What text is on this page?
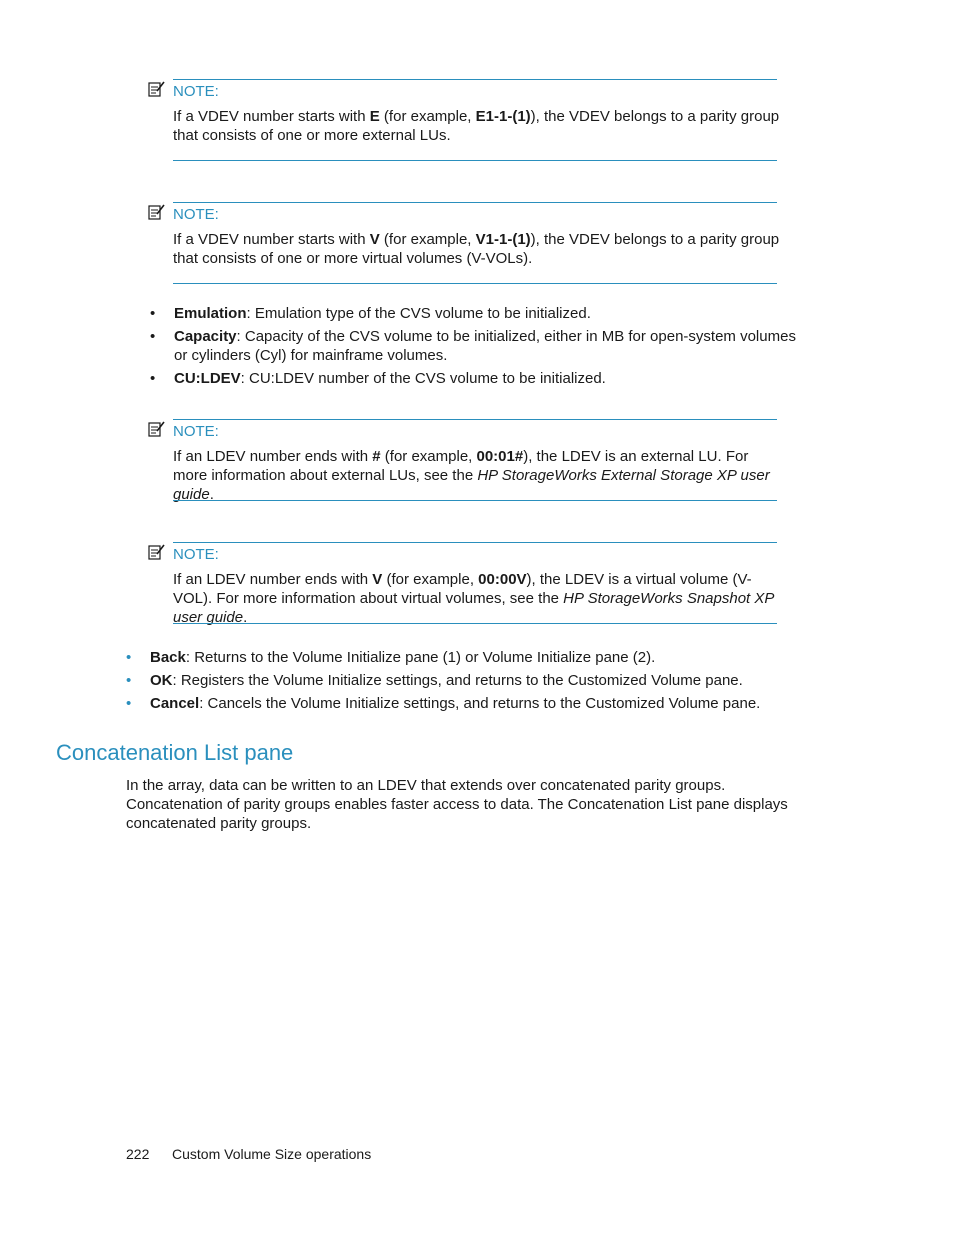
NOTE:
If a VDEV number starts with E (for example, E1-1-(1)), the VDEV belongs to a parity group that consists of one or more external LUs.
NOTE:
If a VDEV number starts with V (for example, V1-1-(1)), the VDEV belongs to a parity group that consists of one or more virtual volumes (V-VOLs).
• Emulation: Emulation type of the CVS volume to be initialized.
• Capacity: Capacity of the CVS volume to be initialized, either in MB for open-system volumes or cylinders (Cyl) for mainframe volumes.
• CU:LDEV: CU:LDEV number of the CVS volume to be initialized.
NOTE:
If an LDEV number ends with # (for example, 00:01#), the LDEV is an external LU. For more information about external LUs, see the HP StorageWorks External Storage XP user guide.
NOTE:
If an LDEV number ends with V (for example, 00:00V), the LDEV is a virtual volume (V-VOL). For more information about virtual volumes, see the HP StorageWorks Snapshot XP user guide.
• Back: Returns to the Volume Initialize pane (1) or Volume Initialize pane (2).
• OK: Registers the Volume Initialize settings, and returns to the Customized Volume pane.
• Cancel: Cancels the Volume Initialize settings, and returns to the Customized Volume pane.
Concatenation List pane

In the array, data can be written to an LDEV that extends over concatenated parity groups. Concatenation of parity groups enables faster access to data. The Concatenation List pane displays concatenated parity groups.

222 Custom Volume Size operations
